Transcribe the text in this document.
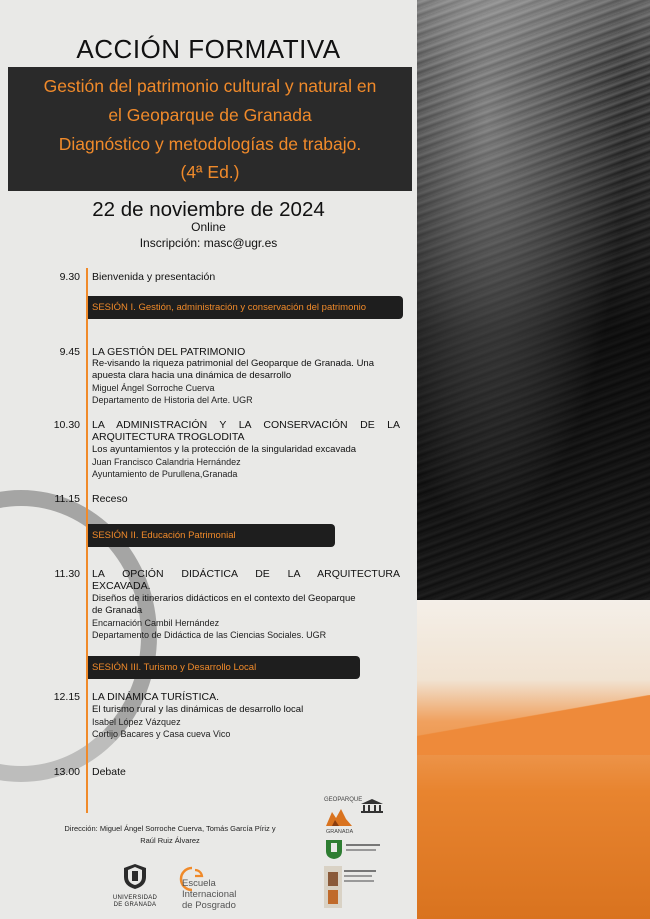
ACCIÓN FORMATIVA
Gestión del patrimonio cultural y natural en
el Geoparque de Granada
Diagnóstico y metodologías de trabajo.
(4ª Ed.)
22 de noviembre de 2024
Online
Inscripción: masc@ugr.es
9.30 Bienvenida y presentación
SESIÓN I. Gestión, administración y conservación del patrimonio
9.45 LA GESTIÓN DEL PATRIMONIO
Re-visando la riqueza patrimonial del Geoparque de Granada. Una
apuesta clara hacia una dinámica de desarrollo
Miguel Ángel Sorroche Cuerva
Departamento de Historia del Arte. UGR
10.30 LA ADMINISTRACIÓN Y LA CONSERVACIÓN DE LA
ARQUITECTURA TROGLODITA
Los ayuntamientos y la protección de la singularidad excavada
Juan Francisco Calandria Hernández
Ayuntamiento de Purullena,Granada
11.15 Receso
SESIÓN II. Educación Patrimonial
11.30 LA OPCIÓN DIDÁCTICA DE LA ARQUITECTURA
EXCAVADA.
Diseños de itinerarios didácticos en el contexto del Geoparque
de Granada
Encarnación Cambil Hernández
Departamento de Didáctica de las Ciencias Sociales. UGR
SESIÓN III. Turismo y Desarrollo Local
12.15 LA DINÁMICA TURÍSTICA.
El turismo rural y las dinámicas de desarrollo local
Isabel López Vázquez
Cortijo Bacares y Casa cueva Vico
13.00 Debate
Dirección: Miguel Ángel Sorroche Cuerva, Tomás García Píriz y
Raúl Ruiz Álvarez
UNIVERSIDAD
DE GRANADA
Escuela
Internacional
de Posgrado
GEOPARQUE
GRANADA
